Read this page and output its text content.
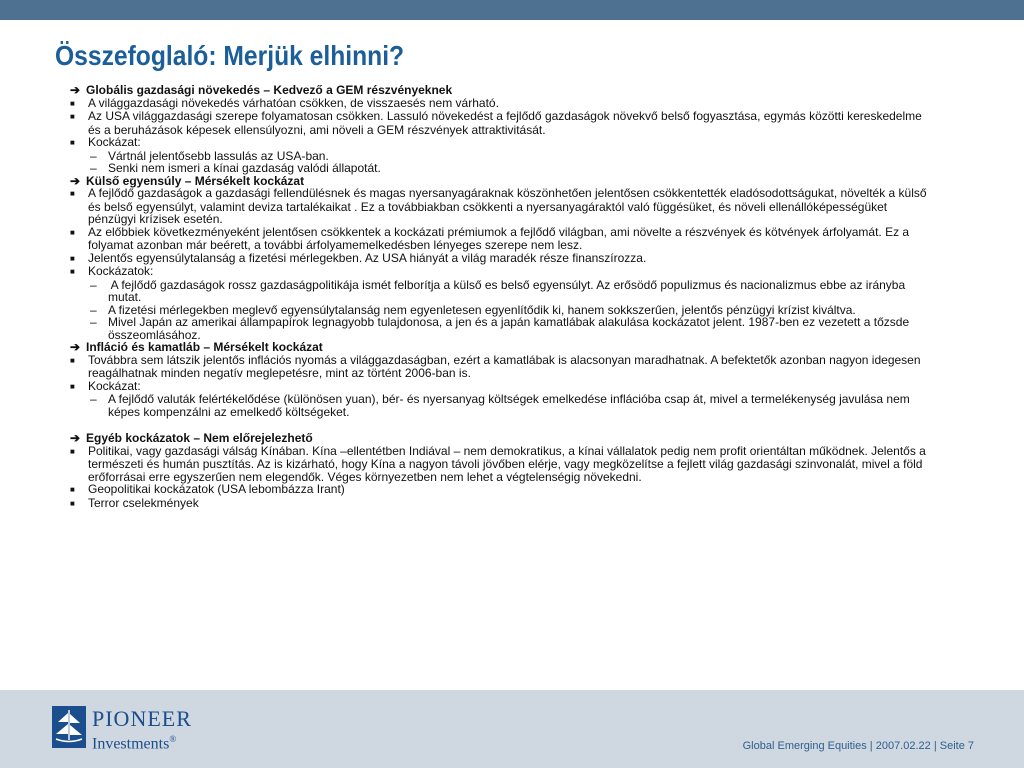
Összefoglaló: Merjük elhinni?

➔ Globális gazdasági növekedés – Kedvező a GEM részvényeknek

■ A világgazdasági növekedés várhatóan csökken, de visszaesés nem várható.

■ Az USA világgazdasági szerepe folyamatosan csökken. Lassuló növekedést a fejlődő gazdaságok növekvő belső fogyasztása, egymás közötti kereskedelme és a beruházások képesek ellensúlyozni, ami növeli a GEM részvények attraktivitását.

■ Kockázat:

– Vártnál jelentősebb lassulás az USA-ban.

– Senki nem ismeri a kínai gazdaság valódi állapotát.

➔ Külső egyensúly – Mérsékelt kockázat

■ A fejlődő gazdaságok a gazdasági fellendülésnek és magas nyersanyagáraknak köszönhetően jelentősen csökkentették eladósodottságukat, növelték a külső és belső egyensúlyt, valamint deviza tartalékaikat . Ez a továbbiakban csökkenti a nyersanyagáraktól való függésüket, és növeli ellenállóképességüket pénzügyi krízisek esetén.

■ Az előbbiek következményeként jelentősen csökkentek a kockázati prémiumok a fejlődő világban, ami növelte a részvények és kötvények árfolyamát. Ez a folyamat azonban már beérett, a további árfolyamemelkedésben lényeges szerepe nem lesz.

■ Jelentős egyensúlytalanság a fizetési mérlegekben. Az USA hiányát a világ maradék része finanszírozza.

■ Kockázatok:

– A fejlődő gazdaságok rossz gazdaságpolitikája ismét felborítja a külső es belső egyensúlyt. Az erősödő populizmus és nacionalizmus ebbe az irányba mutat.

– A fizetési mérlegekben meglevő egyensúlytalanság nem egyenletesen egyenlítődik ki, hanem sokkszerűen, jelentős pénzügyi krízist kiváltva.

– Mivel Japán az amerikai állampapírok legnagyobb tulajdonosa, a jen és a japán kamatlábak alakulása kockázatot jelent. 1987-ben ez vezetett a tőzsde összeomlásához.

➔ Infláció és kamatláb – Mérsékelt kockázat

■ Továbbra sem látszik jelentős inflációs nyomás a világgazdaságban, ezért a kamatlábak is alacsonyan maradhatnak. A befektetők azonban nagyon idegesen reagálhatnak minden negatív meglepetésre, mint az történt 2006-ban is.

■ Kockázat:

– A fejlődő valuták felértékelődése (különösen yuan), bér- és nyersanyag költségek emelkedése inflációba csap át, mivel a termelékenység javulása nem képes kompenzálni az emelkedő költségeket.

➔ Egyéb kockázatok – Nem előrejelezhető

■ Politikai, vagy gazdasági válság Kínában. Kína –ellentétben Indiával – nem demokratikus, a kínai vállalatok pedig nem profit orientáltan működnek. Jelentős a természeti és humán pusztítás. Az is kizárható, hogy Kína a nagyon távoli jövőben elérje, vagy megközelítse a fejlett világ gazdasági szinvonalát, mivel a föld erőforrásai erre egyszerűen nem elegendők. Véges környezetben nem lehet a végtelenségig növekedni.

■ Geopolitikai kockázatok (USA lebombázza Irant)

■ Terror cselekmények

PIONEER
Investments®
Global Emerging Equities | 2007.02.22 | Seite 7
